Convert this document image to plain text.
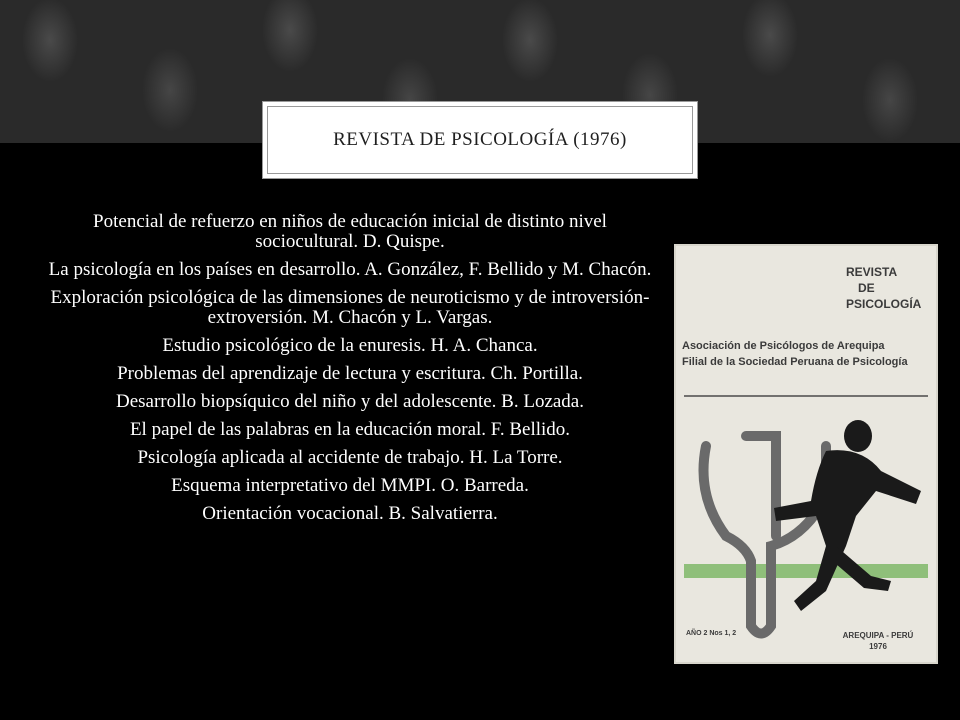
REVISTA DE PSICOLOGÍA (1976)

Potencial de refuerzo en niños de educación inicial de distinto nivel sociocultural. D. Quispe.

La psicología en los países en desarrollo. A. González, F. Bellido y M. Chacón.

Exploración psicológica de las dimensiones de neuroticismo y de introversión-extroversión. M. Chacón y L. Vargas.

Estudio psicológico de la enuresis. H. A. Chanca.

Problemas del aprendizaje de lectura y escritura. Ch. Portilla.

Desarrollo biopsíquico del niño y del adolescente. B. Lozada.

El papel de las palabras en la educación moral. F. Bellido.

Psicología aplicada al accidente de trabajo. H. La Torre.

Esquema interpretativo del MMPI. O. Barreda.

Orientación vocacional. B. Salvatierra.

REVISTA

DE
PSICOLOGÍA
Asociación de Psicólogos de Arequipa
Filial de la Sociedad Peruana de Psicología
AÑO 2 Nos 1, 2	AREQUIPA - PERÚ
1976
